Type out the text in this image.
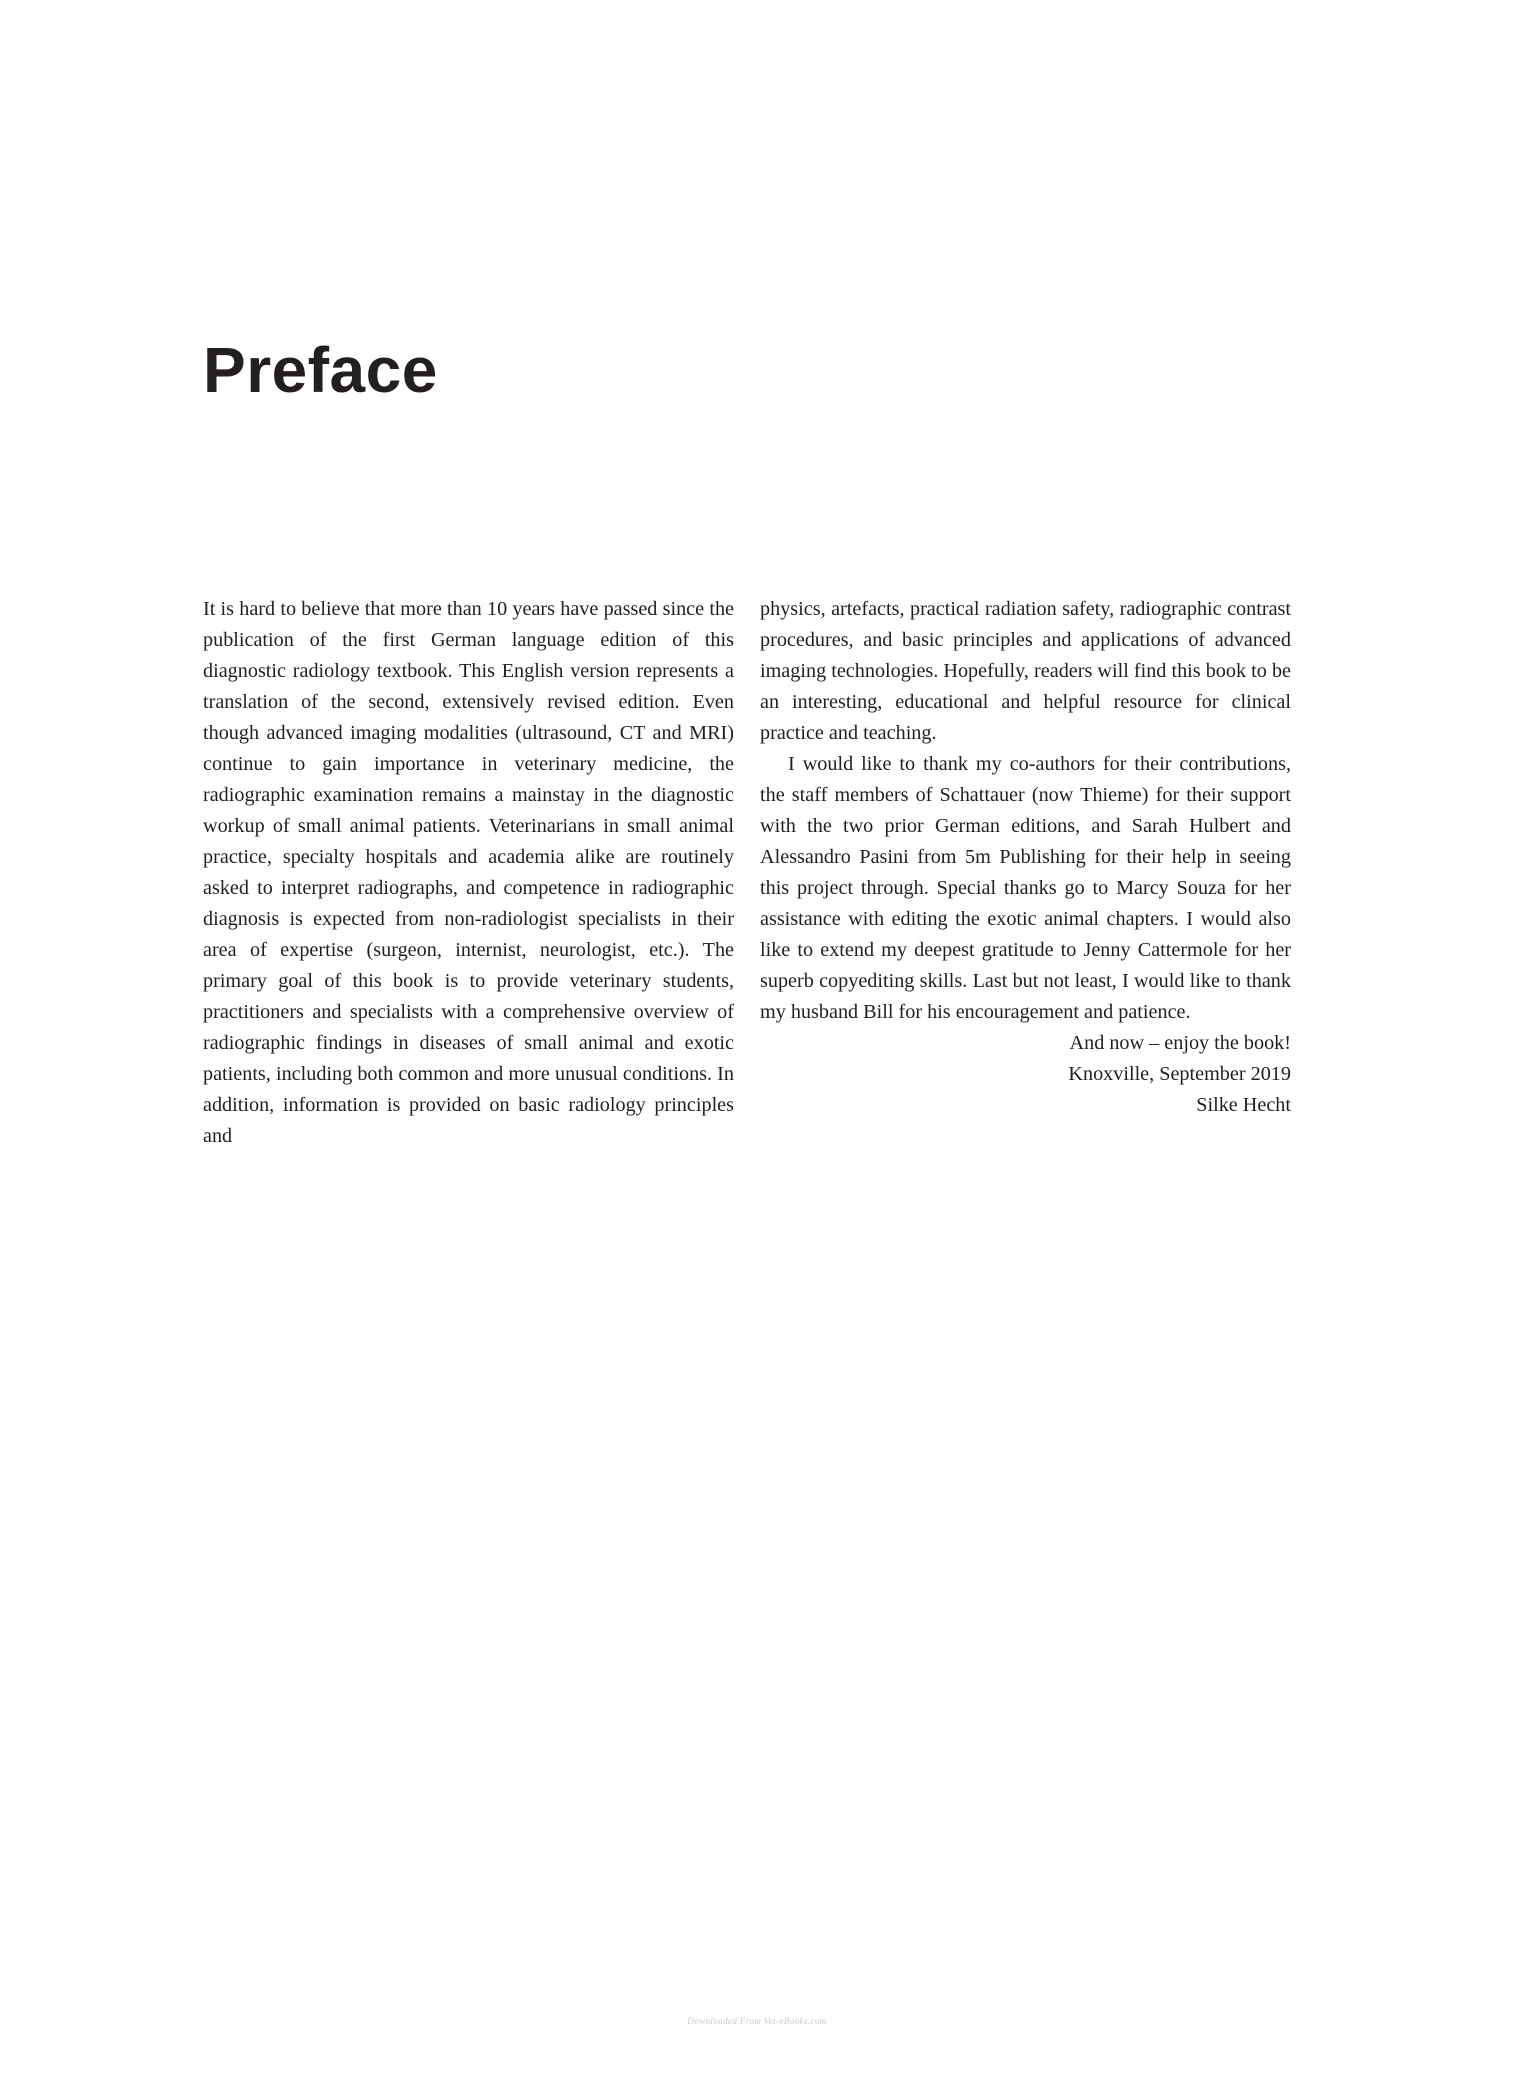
Preface

It is hard to believe that more than 10 years have passed since the publication of the first German language edition of this diagnostic radiology textbook. This English version represents a translation of the second, extensively revised edition. Even though advanced imaging modalities (ultrasound, CT and MRI) continue to gain importance in veterinary medicine, the radiographic examination remains a mainstay in the diagnostic workup of small animal patients. Veterinarians in small animal practice, specialty hospitals and academia alike are routinely asked to interpret radiographs, and competence in radiographic diagnosis is expected from non-radiologist specialists in their area of expertise (surgeon, internist, neurologist, etc.). The primary goal of this book is to provide veterinary students, practitioners and specialists with a comprehensive overview of radiographic findings in diseases of small animal and exotic patients, including both common and more unusual conditions. In addition, information is provided on basic radiology principles and

physics, artefacts, practical radiation safety, radiographic contrast procedures, and basic principles and applications of advanced imaging technologies. Hopefully, readers will find this book to be an interesting, educational and helpful resource for clinical practice and teaching.

I would like to thank my co-authors for their contributions, the staff members of Schattauer (now Thieme) for their support with the two prior German editions, and Sarah Hulbert and Alessandro Pasini from 5m Publishing for their help in seeing this project through. Special thanks go to Marcy Souza for her assistance with editing the exotic animal chapters. I would also like to extend my deepest gratitude to Jenny Cattermole for her superb copyediting skills. Last but not least, I would like to thank my husband Bill for his encouragement and patience.

And now – enjoy the book!

Knoxville, September 2019

Silke Hecht

Downloaded From Vet-eBooks.com
